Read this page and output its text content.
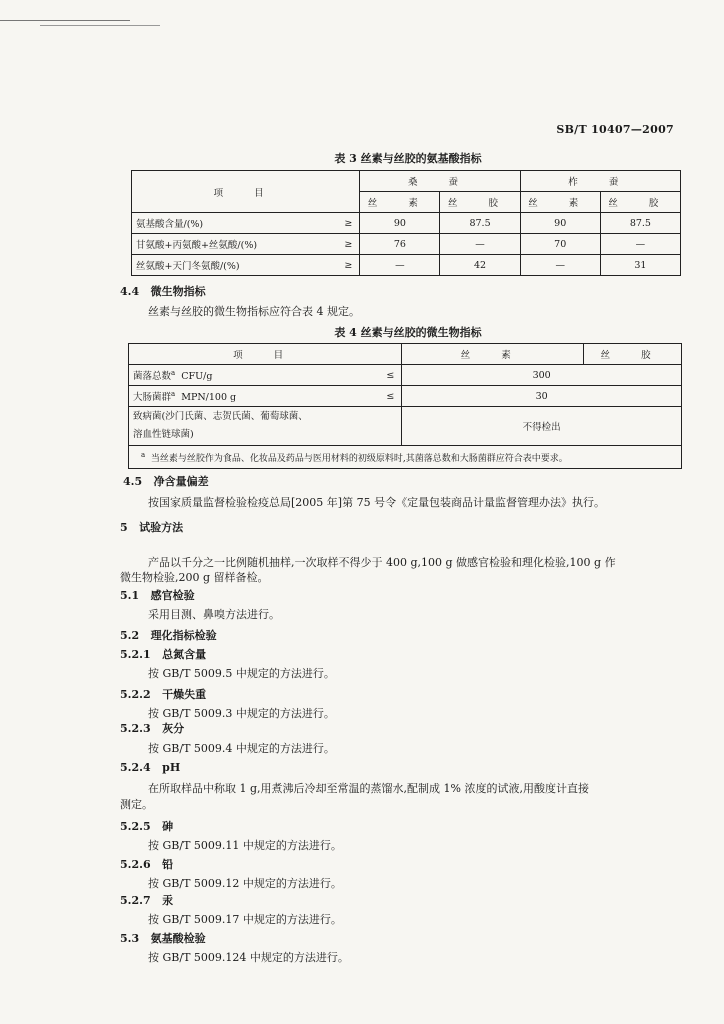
SB/T 10407—2007
表 3 丝素与丝胶的氨基酸指标
项 目		桑 蚕		柞 蚕	
		丝 素	丝 胶	丝 素	丝 胶
氨基酸含量/(%)	≥	90	87.5	90	87.5
甘氨酸+丙氨酸+丝氨酸/(%)	≥	76	—	70	—
丝氨酸+天门冬氨酸/(%)	≥	—	42	—	31
4.4 微生物指标
丝素与丝胶的微生物指标应符合表 4 规定。
表 4 丝素与丝胶的微生物指标
项 目		丝 素	丝 胶
菌落总数$^a$ CFU/g	≤	300	
大肠菌群$^a$ MPN/100 g	≤	30	
致病菌(沙门氏菌、志贺氏菌、葡萄球菌、
溶血性链球菌)		不得检出	
$^a$ 当丝素与丝胶作为食品、化妆品及药品与医用材料的初级原料时,其菌落总数和大肠菌群应符合表中要求。			
4.5 净含量偏差
按国家质量监督检验检疫总局[2005 年]第 75 号令《定量包装商品计量监督管理办法》执行。
5 试验方法
产品以千分之一比例随机抽样,一次取样不得少于 400 g,100 g 做感官检验和理化检验,100 g 作
微生物检验,200 g 留样备检。
5.1 感官检验
采用目测、鼻嗅方法进行。
5.2 理化指标检验
5.2.1 总氮含量
按 GB/T 5009.5 中规定的方法进行。
5.2.2 干燥失重
按 GB/T 5009.3 中规定的方法进行。
5.2.3 灰分
按 GB/T 5009.4 中规定的方法进行。
5.2.4 pH
在所取样品中称取 1 g,用煮沸后冷却至常温的蒸馏水,配制成 1% 浓度的试液,用酸度计直接
测定。
5.2.5 砷
按 GB/T 5009.11 中规定的方法进行。
5.2.6 铅
按 GB/T 5009.12 中规定的方法进行。
5.2.7 汞
按 GB/T 5009.17 中规定的方法进行。
5.3 氨基酸检验
按 GB/T 5009.124 中规定的方法进行。
